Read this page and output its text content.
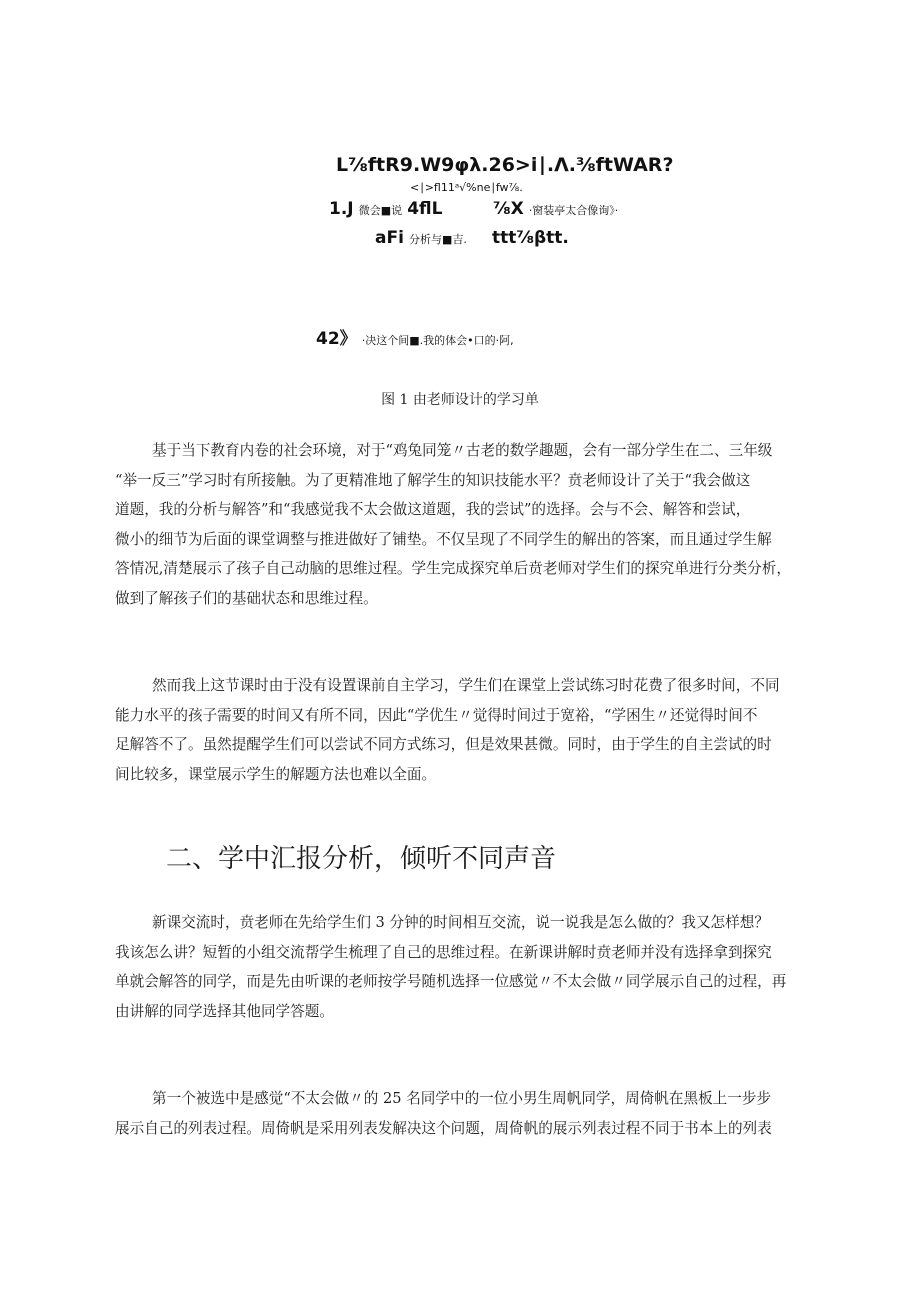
L⅞ftR9.W9φλ.26>i∣.Λ.⅜ftWAR?
<∣>fl11ᵃ√%ne∣fw⅞.
1.J 微会■说 4flL	⅞X ·窗装亭太合像询》·
aFi 分析与■吉. ttt⅞βtt.
42》 ·决这个间■.我的体会•口的·阿,
图 1 由老师设计的学习单
基于当下教育内卷的社会环境，对于“鸡兔同笼〃古老的数学趣题，会有一部分学生在二、三年级
“举一反三”学习时有所接触。为了更精准地了解学生的知识技能水平？贲老师设计了关于“我会做这
道题，我的分析与解答”和“我感觉我不太会做这道题，我的尝试”的选择。会与不会、解答和尝试，
微小的细节为后面的课堂调整与推进做好了铺垫。不仅呈现了不同学生的解出的答案，而且通过学生解
答情况,清楚展示了孩子自己动脑的思维过程。学生完成探究单后贲老师对学生们的探究单进行分类分析，
做到了解孩子们的基础状态和思维过程。
然而我上这节课时由于没有设置课前自主学习，学生们在课堂上尝试练习时花费了很多时间，不同
能力水平的孩子需要的时间又有所不同，因此“学优生〃觉得时间过于宽裕，“学困生〃还觉得时间不
足解答不了。虽然提醒学生们可以尝试不同方式练习，但是效果甚微。同时，由于学生的自主尝试的时
间比较多，课堂展示学生的解题方法也难以全面。
二、学中汇报分析，倾听不同声音
新课交流时，贲老师在先给学生们 3 分钟的时间相互交流，说一说我是怎么做的？我又怎样想？
我该怎么讲？短暂的小组交流帮学生梳理了自己的思维过程。在新课讲解时贲老师并没有选择拿到探究
单就会解答的同学，而是先由听课的老师按学号随机选择一位感觉〃不太会做〃同学展示自己的过程，再
由讲解的同学选择其他同学答题。
第一个被选中是感觉“不太会做〃的 25 名同学中的一位小男生周帆同学，周倚帆在黑板上一步步
展示自己的列表过程。周倚帆是采用列表发解决这个问题，周倚帆的展示列表过程不同于书本上的列表
